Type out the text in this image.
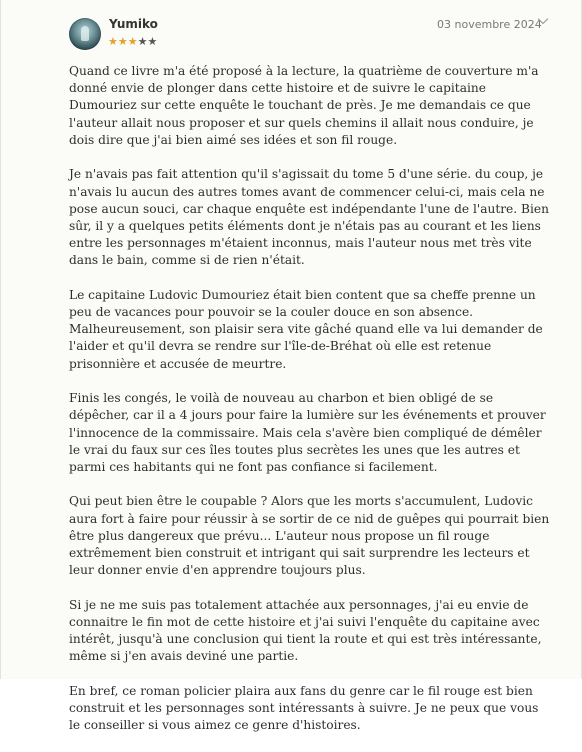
Yumiko
★★★★★
03 novembre 2024

Quand ce livre m'a été proposé à la lecture, la quatrième de couverture m'a donné envie de plonger dans cette histoire et de suivre le capitaine Dumouriez sur cette enquête le touchant de près. Je me demandais ce que l'auteur allait nous proposer et sur quels chemins il allait nous conduire, je dois dire que j'ai bien aimé ses idées et son fil rouge.

Je n'avais pas fait attention qu'il s'agissait du tome 5 d'une série. du coup, je n'avais lu aucun des autres tomes avant de commencer celui-ci, mais cela ne pose aucun souci, car chaque enquête est indépendante l'une de l'autre. Bien sûr, il y a quelques petits éléments dont je n'étais pas au courant et les liens entre les personnages m'étaient inconnus, mais l'auteur nous met très vite dans le bain, comme si de rien n'était.

Le capitaine Ludovic Dumouriez était bien content que sa cheffe prenne un peu de vacances pour pouvoir se la couler douce en son absence. Malheureusement, son plaisir sera vite gâché quand elle va lui demander de l'aider et qu'il devra se rendre sur l'île-de-Bréhat où elle est retenue prisonnière et accusée de meurtre.

Finis les congés, le voilà de nouveau au charbon et bien obligé de se dépêcher, car il a 4 jours pour faire la lumière sur les événements et prouver l'innocence de la commissaire. Mais cela s'avère bien compliqué de démêler le vrai du faux sur ces îles toutes plus secrètes les unes que les autres et parmi ces habitants qui ne font pas confiance si facilement.

Qui peut bien être le coupable ? Alors que les morts s'accumulent, Ludovic aura fort à faire pour réussir à se sortir de ce nid de guêpes qui pourrait bien être plus dangereux que prévu... L'auteur nous propose un fil rouge extrêmement bien construit et intrigant qui sait surprendre les lecteurs et leur donner envie d'en apprendre toujours plus.

Si je ne me suis pas totalement attachée aux personnages, j'ai eu envie de connaitre le fin mot de cette histoire et j'ai suivi l'enquête du capitaine avec intérêt, jusqu'à une conclusion qui tient la route et qui est très intéressante, même si j'en avais deviné une partie.

En bref, ce roman policier plaira aux fans du genre car le fil rouge est bien construit et les personnages sont intéressants à suivre. Je ne peux que vous le conseiller si vous aimez ce genre d'histoires.
